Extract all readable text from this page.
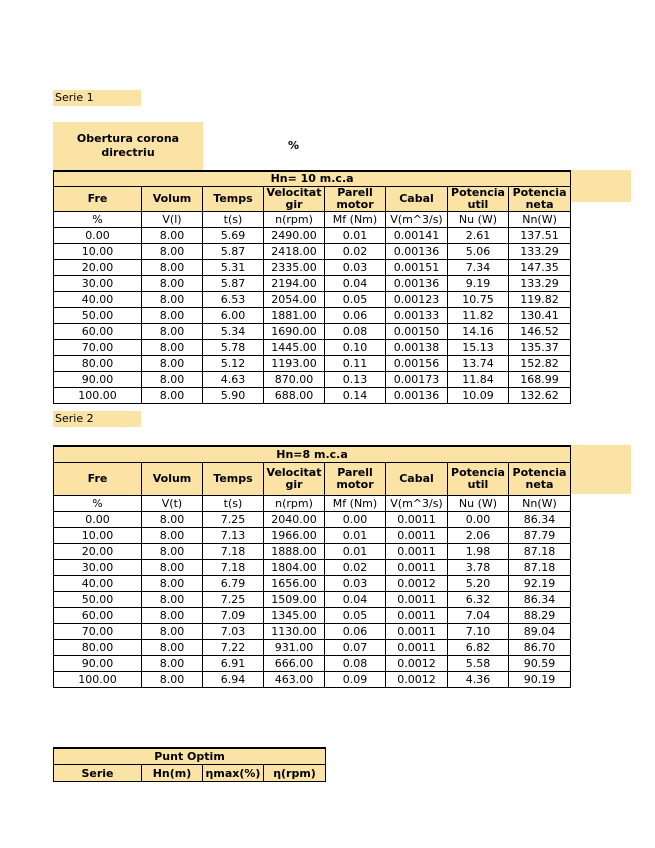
Serie 1
Obertura corona directriu
%
Hn= 10 m.c.a							
Fre	Volum	Temps	Velocitat gir	Parell motor	Cabal	Potencia util	Potencia neta
%	V(l)	t(s)	n(rpm)	Mf (Nm)	V(m^3/s)	Nu (W)	Nn(W)
0.00	8.00	5.69	2490.00	0.01	0.00141	2.61	137.51
10.00	8.00	5.87	2418.00	0.02	0.00136	5.06	133.29
20.00	8.00	5.31	2335.00	0.03	0.00151	7.34	147.35
30.00	8.00	5.87	2194.00	0.04	0.00136	9.19	133.29
40.00	8.00	6.53	2054.00	0.05	0.00123	10.75	119.82
50.00	8.00	6.00	1881.00	0.06	0.00133	11.82	130.41
60.00	8.00	5.34	1690.00	0.08	0.00150	14.16	146.52
70.00	8.00	5.78	1445.00	0.10	0.00138	15.13	135.37
80.00	8.00	5.12	1193.00	0.11	0.00156	13.74	152.82
90.00	8.00	4.63	870.00	0.13	0.00173	11.84	168.99
100.00	8.00	5.90	688.00	0.14	0.00136	10.09	132.62
Serie 2
Hn=8 m.c.a							
Fre	Volum	Temps	Velocitat gir	Parell motor	Cabal	Potencia util	Potencia neta
%	V(t)	t(s)	n(rpm)	Mf (Nm)	V(m^3/s)	Nu (W)	Nn(W)
0.00	8.00	7.25	2040.00	0.00	0.0011	0.00	86.34
10.00	8.00	7.13	1966.00	0.01	0.0011	2.06	87.79
20.00	8.00	7.18	1888.00	0.01	0.0011	1.98	87.18
30.00	8.00	7.18	1804.00	0.02	0.0011	3.78	87.18
40.00	8.00	6.79	1656.00	0.03	0.0012	5.20	92.19
50.00	8.00	7.25	1509.00	0.04	0.0011	6.32	86.34
60.00	8.00	7.09	1345.00	0.05	0.0011	7.04	88.29
70.00	8.00	7.03	1130.00	0.06	0.0011	7.10	89.04
80.00	8.00	7.22	931.00	0.07	0.0011	6.82	86.70
90.00	8.00	6.91	666.00	0.08	0.0012	5.58	90.59
100.00	8.00	6.94	463.00	0.09	0.0012	4.36	90.19
Punt Optim
Serie	Hn(m)	ηmax(%)	η(rpm)
